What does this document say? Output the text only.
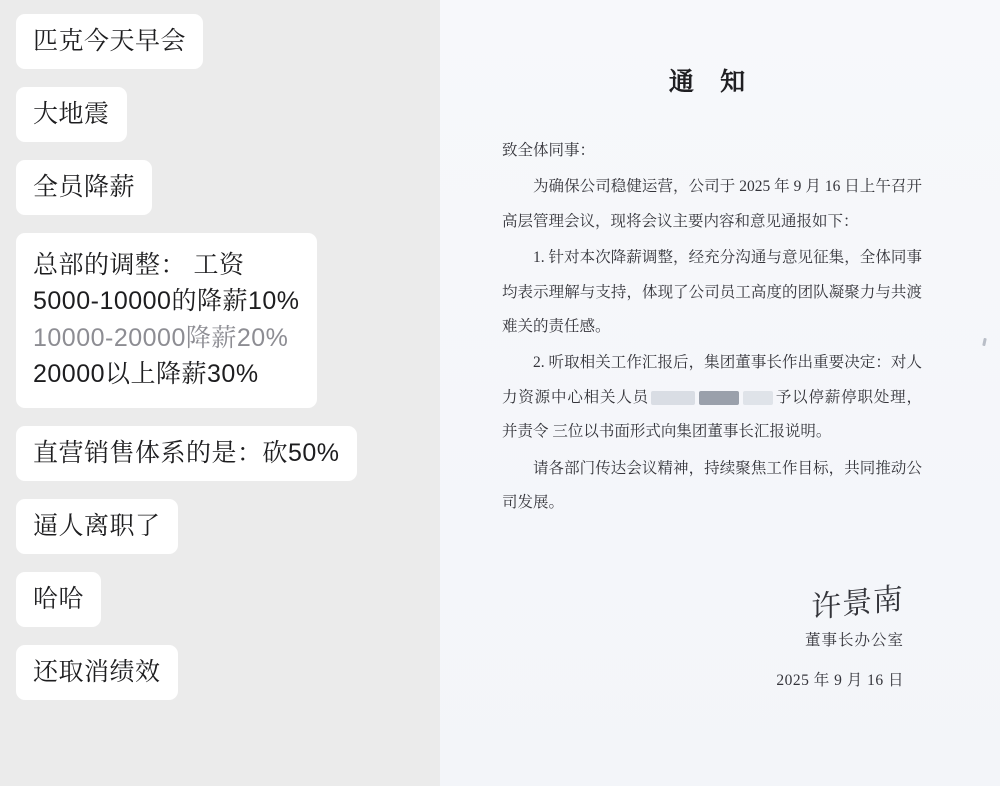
匹克今天早会
大地震
全员降薪
总部的调整： 工资
5000-10000的降薪10%
10000-20000降薪20%
20000以上降薪30%
直营销售体系的是：砍50%
逼人离职了
哈哈
还取消绩效
通 知

致全体同事：

为确保公司稳健运营，公司于 2025 年 9 月 16 日上午召开高层管理会议，现将会议主要内容和意见通报如下：

1. 针对本次降薪调整，经充分沟通与意见征集，全体同事均表示理解与支持，体现了公司员工高度的团队凝聚力与共渡难关的责任感。

2. 听取相关工作汇报后，集团董事长作出重要决定：对人力资源中心相关人员	予以停薪停职处理，并责令 三位以书面形式向集团董事长汇报说明。

请各部门传达会议精神，持续聚焦工作目标，共同推动公司发展。

许景南
董事长办公室
2025 年 9 月 16 日
